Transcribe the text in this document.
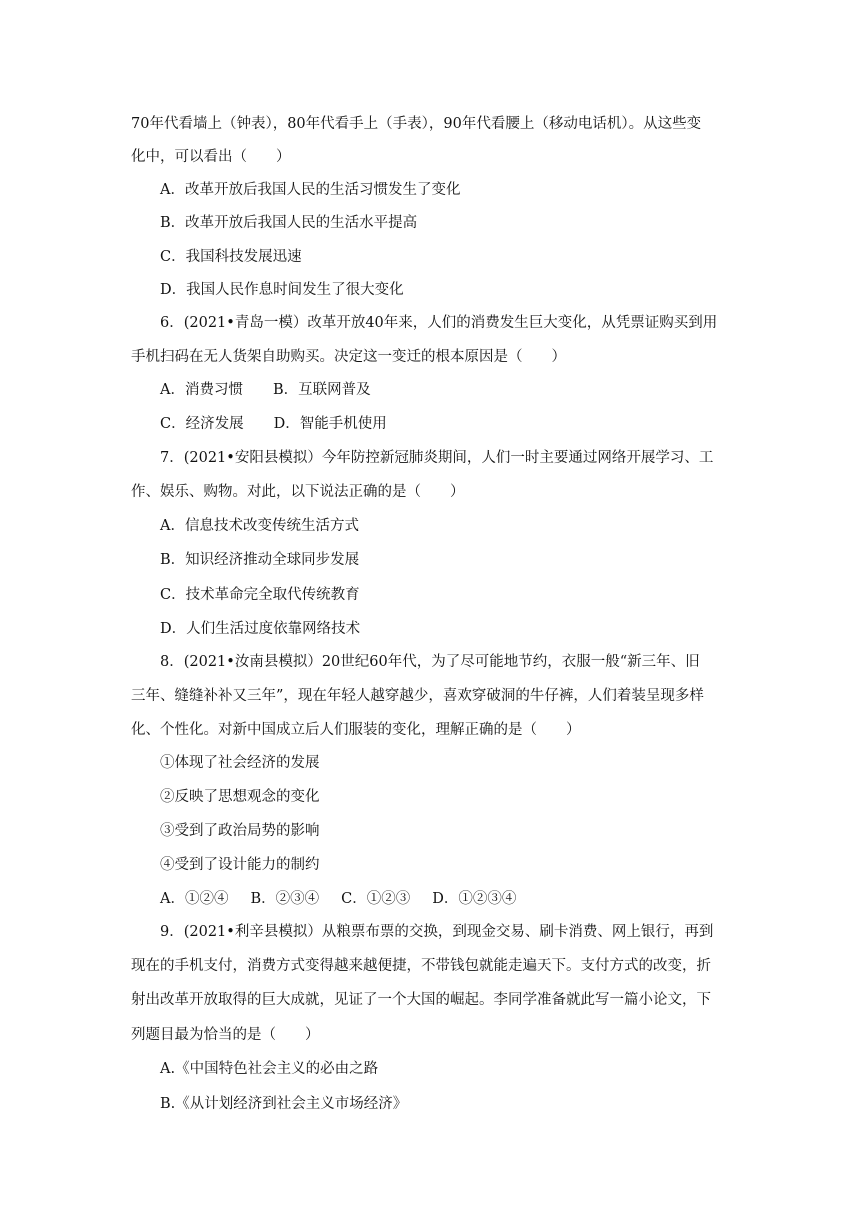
70年代看墙上（钟表），80年代看手上（手表），90年代看腰上（移动电话机）。从这些变
化中，可以看出（　　）
A．改革开放后我国人民的生活习惯发生了变化
B．改革开放后我国人民的生活水平提高
C．我国科技发展迅速
D．我国人民作息时间发生了很大变化
6．(2021•青岛一模）改革开放40年来，人们的消费发生巨大变化，从凭票证购买到用
手机扫码在无人货架自助购买。决定这一变迁的根本原因是（　　）
A．消费习惯 B．互联网普及
C．经济发展 D．智能手机使用
7．(2021•安阳县模拟）今年防控新冠肺炎期间，人们一时主要通过网络开展学习、工
作、娱乐、购物。对此，以下说法正确的是（　　）
A．信息技术改变传统生活方式
B．知识经济推动全球同步发展
C．技术革命完全取代传统教育
D．人们生活过度依靠网络技术
8．(2021•汝南县模拟）20世纪60年代，为了尽可能地节约，衣服一般“新三年、旧
三年、缝缝补补又三年”，现在年轻人越穿越少，喜欢穿破洞的牛仔裤，人们着装呈现多样
化、个性化。对新中国成立后人们服装的变化，理解正确的是（　　）
①体现了社会经济的发展
②反映了思想观念的变化
③受到了政治局势的影响
④受到了设计能力的制约
A．①②④ B．②③④ C．①②③ D．①②③④
9．(2021•利辛县模拟）从粮票布票的交换，到现金交易、刷卡消费、网上银行，再到
现在的手机支付，消费方式变得越来越便捷，不带钱包就能走遍天下。支付方式的改变，折
射出改革开放取得的巨大成就，见证了一个大国的崛起。李同学准备就此写一篇小论文，下
列题目最为恰当的是（　　）
A.《中国特色社会主义的必由之路
B.《从计划经济到社会主义市场经济》
